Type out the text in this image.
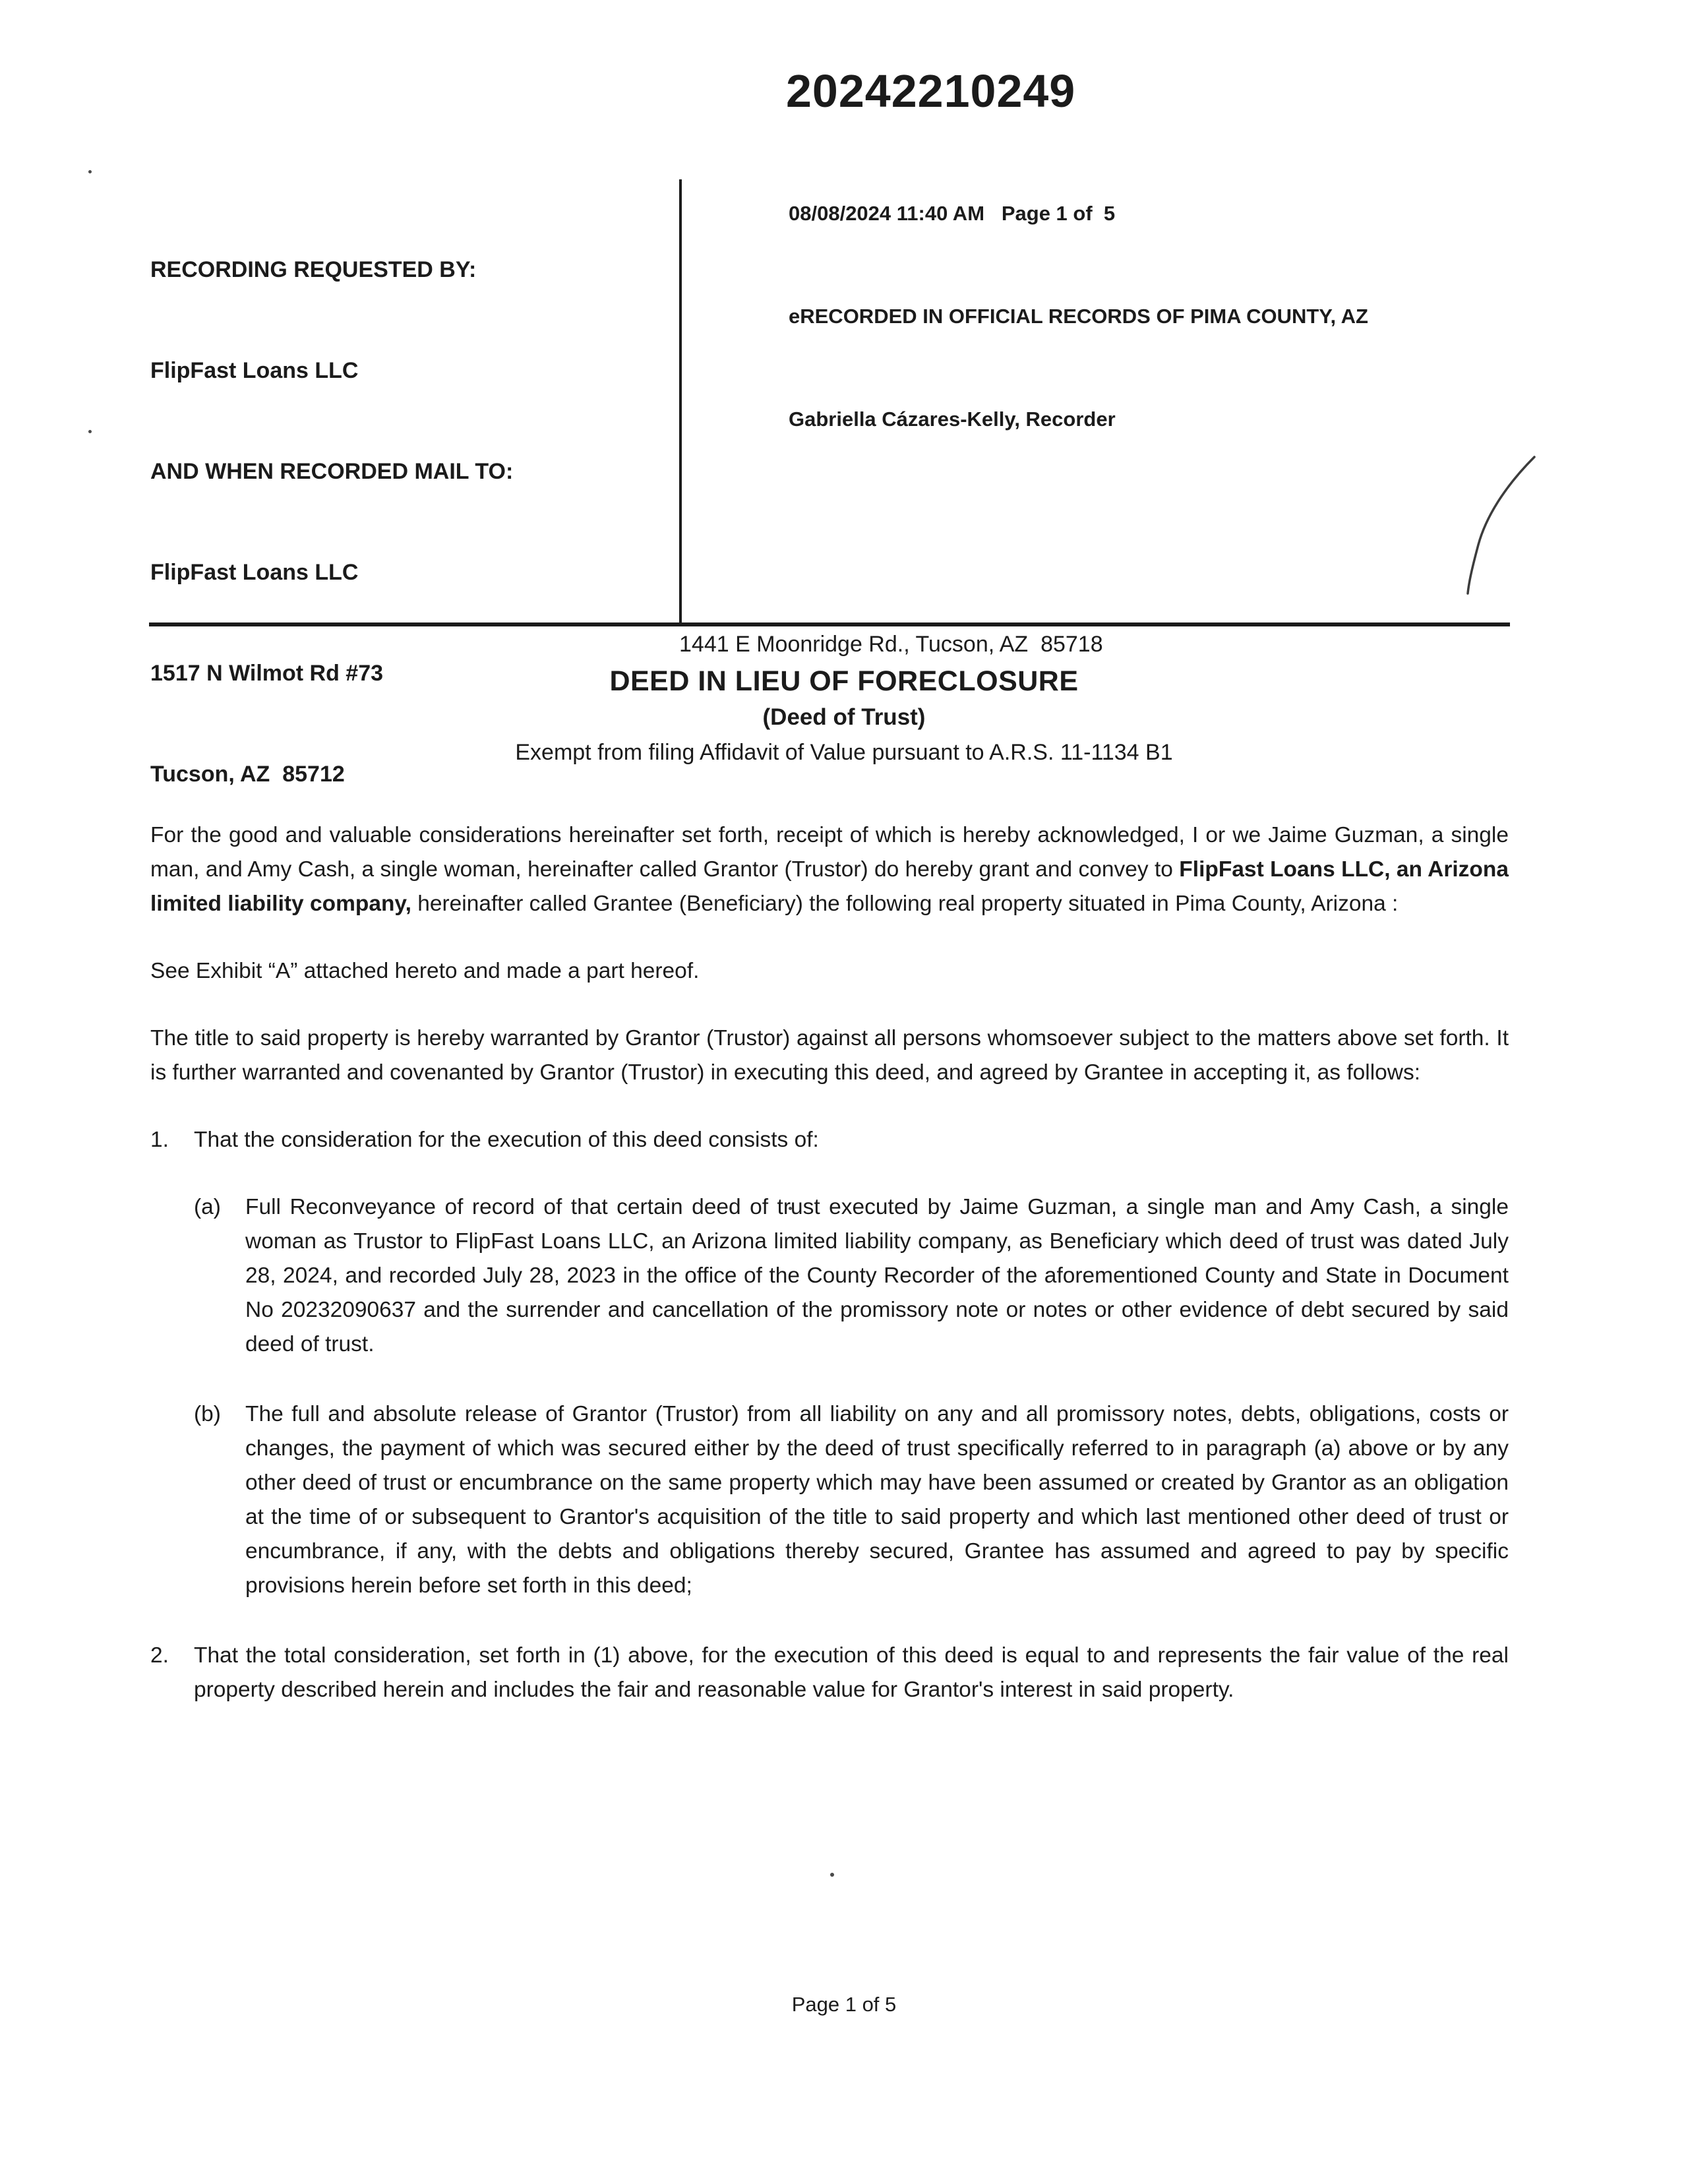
20242210249

08/08/2024 11:40 AM   Page 1 of  5

eRECORDED IN OFFICIAL RECORDS OF PIMA COUNTY, AZ

Gabriella Cázares-Kelly, Recorder

RECORDING REQUESTED BY:

FlipFast Loans LLC

AND WHEN RECORDED MAIL TO:

FlipFast Loans LLC

1517 N Wilmot Rd #73

Tucson, AZ  85712

1441 E Moonridge Rd., Tucson, AZ  85718
DEED IN LIEU OF FORECLOSURE
(Deed of Trust)
Exempt from filing Affidavit of Value pursuant to A.R.S. 11-1134 B1
For the good and valuable considerations hereinafter set forth, receipt of which is hereby acknowledged, I or we Jaime Guzman, a single man, and Amy Cash, a single woman, hereinafter called Grantor (Trustor) do hereby grant and convey to FlipFast Loans LLC, an Arizona limited liability company, hereinafter called Grantee (Beneficiary) the following real property situated in Pima County, Arizona :
See Exhibit “A” attached hereto and made a part hereof.
The title to said property is hereby warranted by Grantor (Trustor) against all persons whomsoever subject to the matters above set forth. It is further warranted and covenanted by Grantor (Trustor) in executing this deed, and agreed by Grantee in accepting it, as follows:
1.	That the consideration for the execution of this deed consists of:
(a)	Full Reconveyance of record of that certain deed of trust executed by Jaime Guzman, a single man and Amy Cash, a single woman as Trustor to FlipFast Loans LLC, an Arizona limited liability company, as Beneficiary which deed of trust was dated July 28, 2024, and recorded July 28, 2023 in the office of the County Recorder of the aforementioned County and State in Document No 20232090637 and the surrender and cancellation of the promissory note or notes or other evidence of debt secured by said deed of trust.
(b)	The full and absolute release of Grantor (Trustor) from all liability on any and all promissory notes, debts, obligations, costs or changes, the payment of which was secured either by the deed of trust specifically referred to in paragraph (a) above or by any other deed of trust or encumbrance on the same property which may have been assumed or created by Grantor as an obligation at the time of or subsequent to Grantor's acquisition of the title to said property and which last mentioned other deed of trust or encumbrance, if any, with the debts and obligations thereby secured, Grantee has assumed and agreed to pay by specific provisions herein before set forth in this deed;
2.	That the total consideration, set forth in (1) above, for the execution of this deed is equal to and represents the fair value of the real property described herein and includes the fair and reasonable value for Grantor's interest in said property.
Page 1 of 5
